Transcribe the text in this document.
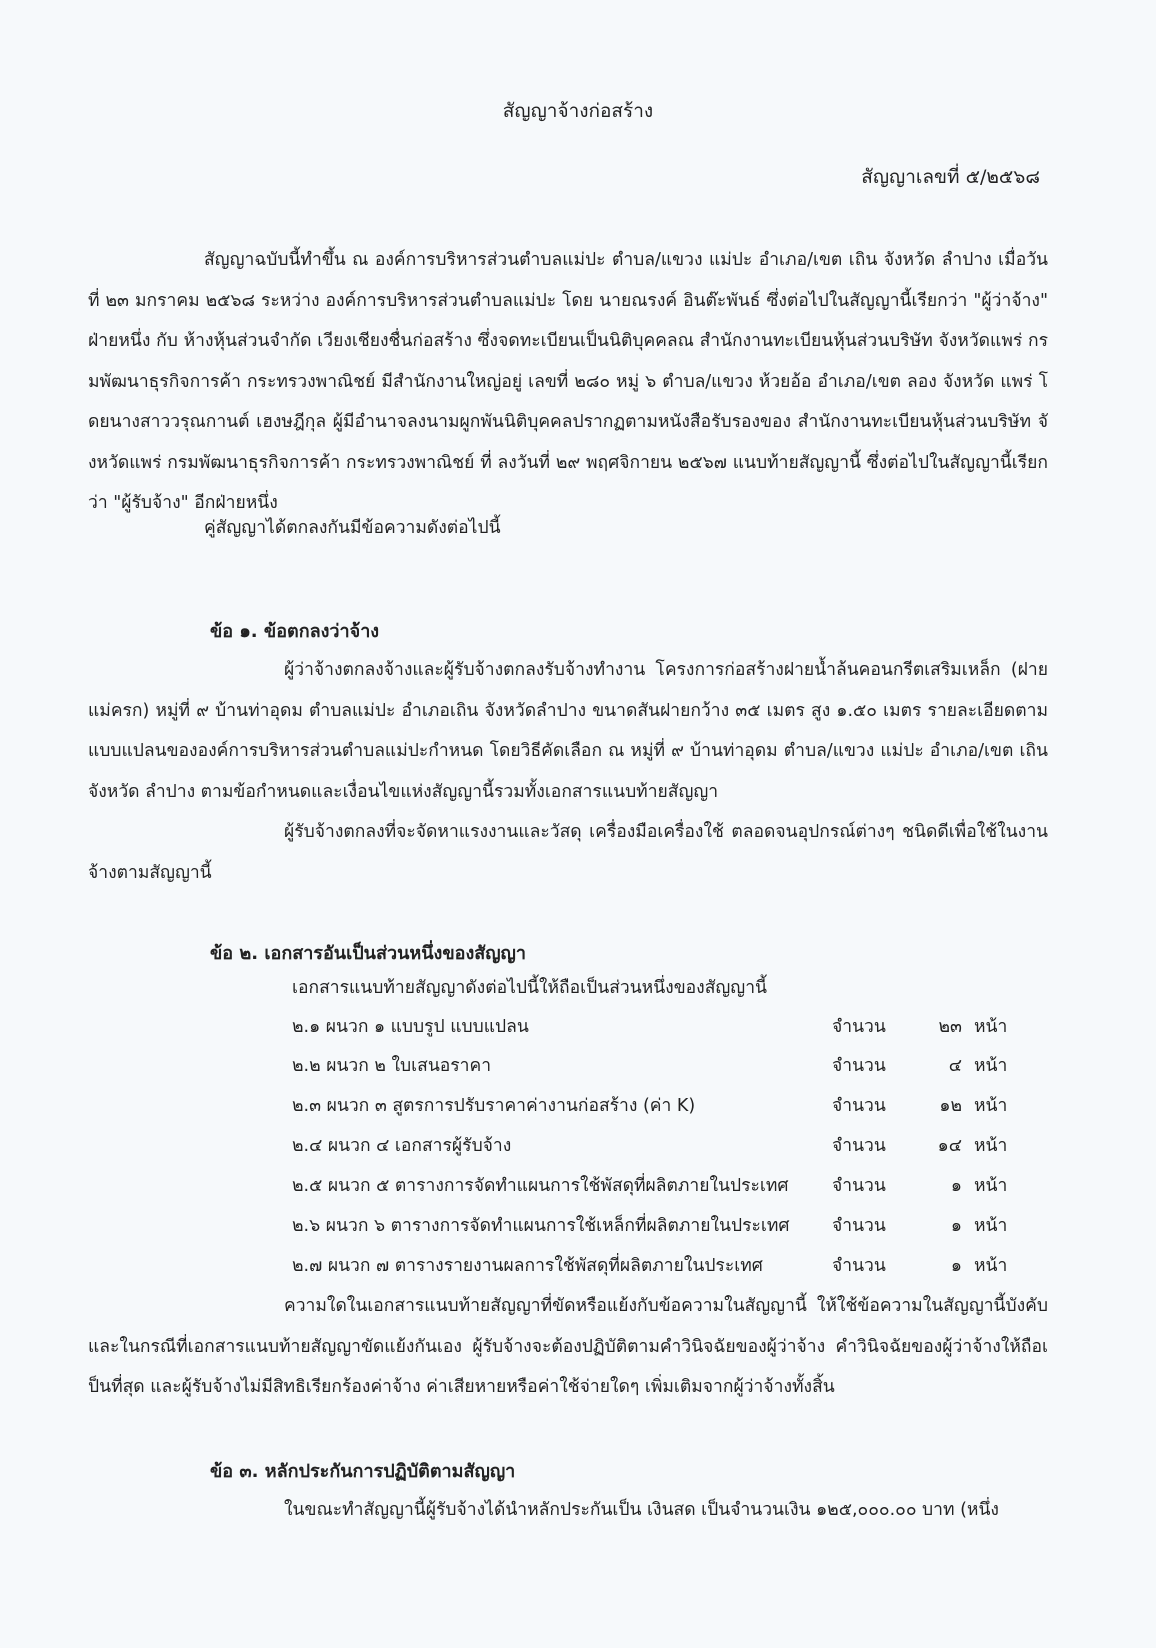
สัญญาจ้างก่อสร้าง
สัญญาเลขที่ ๕/๒๕๖๘

สัญญาฉบับนี้ทำขึ้น ณ องค์การบริหารส่วนตำบลแม่ปะ ตำบล/แขวง แม่ปะ อำเภอ/เขต เถิน จังหวัด ลำปาง เมื่อวันที่ ๒๓ มกราคม ๒๕๖๘ ระหว่าง องค์การบริหารส่วนตำบลแม่ปะ โดย นายณรงค์ อินต๊ะพันธ์ ซึ่งต่อไปในสัญญานี้เรียกว่า "ผู้ว่าจ้าง" ฝ่ายหนึ่ง กับ ห้างหุ้นส่วนจำกัด เวียงเชียงชื่นก่อสร้าง ซึ่งจดทะเบียนเป็นนิติบุคคลณ สำนักงานทะเบียนหุ้นส่วนบริษัท จังหวัดแพร่ กรมพัฒนาธุรกิจการค้า กระทรวงพาณิชย์ มีสำนักงานใหญ่อยู่ เลขที่ ๒๘๐ หมู่ ๖ ตำบล/แขวง ห้วยอ้อ อำเภอ/เขต ลอง จังหวัด แพร่ โดยนางสาววรุณกานต์ เฮงษฎีกุล ผู้มีอำนาจลงนามผูกพันนิติบุคคลปรากฏตามหนังสือรับรองของ สำนักงานทะเบียนหุ้นส่วนบริษัท จังหวัดแพร่ กรมพัฒนาธุรกิจการค้า กระทรวงพาณิชย์ ที่ ลงวันที่ ๒๙ พฤศจิกายน ๒๕๖๗ แนบท้ายสัญญานี้ ซึ่งต่อไปในสัญญานี้เรียกว่า "ผู้รับจ้าง" อีกฝ่ายหนึ่ง

คู่สัญญาได้ตกลงกันมีข้อความดังต่อไปนี้
ข้อ ๑. ข้อตกลงว่าจ้าง

ผู้ว่าจ้างตกลงจ้างและผู้รับจ้างตกลงรับจ้างทำงาน โครงการก่อสร้างฝายน้ำล้นคอนกรีตเสริมเหล็ก (ฝายแม่ครก) หมู่ที่ ๙ บ้านท่าอุดม ตำบลแม่ปะ อำเภอเถิน จังหวัดลำปาง ขนาดสันฝายกว้าง ๓๕ เมตร สูง ๑.๕๐ เมตร รายละเอียดตามแบบแปลนขององค์การบริหารส่วนตำบลแม่ปะกำหนด โดยวิธีคัดเลือก ณ หมู่ที่ ๙ บ้านท่าอุดม ตำบล/แขวง แม่ปะ อำเภอ/เขต เถิน จังหวัด ลำปาง ตามข้อกำหนดและเงื่อนไขแห่งสัญญานี้รวมทั้งเอกสารแนบท้ายสัญญา

ผู้รับจ้างตกลงที่จะจัดหาแรงงานและวัสดุ เครื่องมือเครื่องใช้ ตลอดจนอุปกรณ์ต่างๆ ชนิดดีเพื่อใช้ในงานจ้างตามสัญญานี้

ข้อ ๒. เอกสารอันเป็นส่วนหนึ่งของสัญญา
เอกสารแนบท้ายสัญญาดังต่อไปนี้ให้ถือเป็นส่วนหนึ่งของสัญญานี้
๒.๑ ผนวก ๑ แบบรูป แบบแปลน	จำนวน	๒๓ หน้า
๒.๒ ผนวก ๒ ใบเสนอราคา	จำนวน	๔ หน้า
๒.๓ ผนวก ๓ สูตรการปรับราคาค่างานก่อสร้าง (ค่า K)	จำนวน	๑๒ หน้า
๒.๔ ผนวก ๔ เอกสารผู้รับจ้าง	จำนวน	๑๔ หน้า
๒.๕ ผนวก ๕ ตารางการจัดทำแผนการใช้พัสดุที่ผลิตภายในประเทศ จำนวน	๑ หน้า
๒.๖ ผนวก ๖ ตารางการจัดทำแผนการใช้เหล็กที่ผลิตภายในประเทศ จำนวน	๑ หน้า
๒.๗ ผนวก ๗ ตารางรายงานผลการใช้พัสดุที่ผลิตภายในประเทศ	จำนวน	๑ หน้า

ความใดในเอกสารแนบท้ายสัญญาที่ขัดหรือแย้งกับข้อความในสัญญานี้ ให้ใช้ข้อความในสัญญานี้บังคับ และในกรณีที่เอกสารแนบท้ายสัญญาขัดแย้งกันเอง ผู้รับจ้างจะต้องปฏิบัติตามคำวินิจฉัยของผู้ว่าจ้าง คำวินิจฉัยของผู้ว่าจ้างให้ถือเป็นที่สุด และผู้รับจ้างไม่มีสิทธิเรียกร้องค่าจ้าง ค่าเสียหายหรือค่าใช้จ่ายใดๆ เพิ่มเติมจากผู้ว่าจ้างทั้งสิ้น

ข้อ ๓. หลักประกันการปฏิบัติตามสัญญา

ในขณะทำสัญญานี้ผู้รับจ้างได้นำหลักประกันเป็น เงินสด เป็นจำนวนเงิน ๑๒๕,๐๐๐.๐๐ บาท (หนึ่ง
